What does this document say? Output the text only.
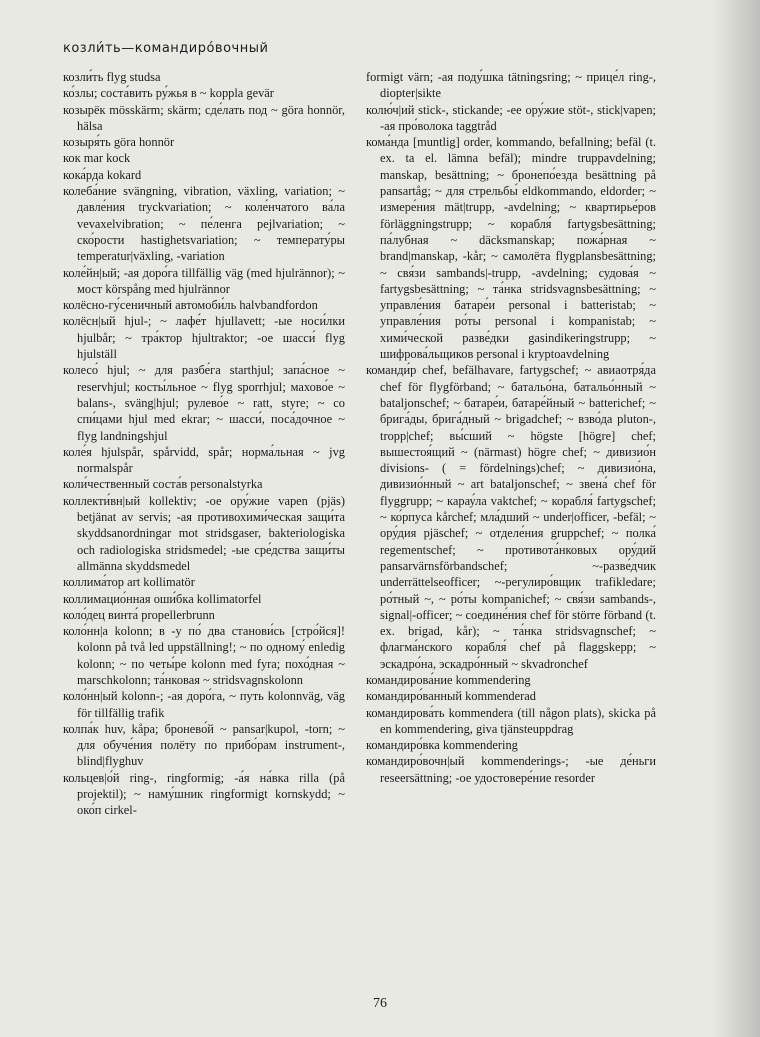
козли́ть—командиро́вочный

козли́ть flyg studsa

ко́злы; соста́вить ру́жья в ~ koppla gevär

козырёк mösskärm; skärm; сде́лать под ~ göra honnör, hälsa

козыря́ть göra honnör

кок mar kock

кока́рда kokard

колеба́ние svängning, vibration, växling, variation; ~ давле́ния tryckvariation; ~ коле́нчатого ва́ла vevaxelvibration; ~ пе́ленга pejlvariation; ~ ско́рости hastighetsvariation; ~ температу́ры temperatur|växling, -variation

коле́йн|ый; -ая доро́га tillfällig väg (med hjulrännor); ~ мост körspång med hjulrännor

колёсно-гу́сеничный автомоби́ль halvbandfordon

колёсн|ый hjul-; ~ лафе́т hjullavett; -ые носи́лки hjulbår; ~ тра́ктор hjultraktor; -ое шасси́ flyg hjulställ

колесо́ hjul; ~ для разбе́га starthjul; запа́сное ~ reservhjul; косты́льное ~ flyg sporrhjul; махово́е ~ balans-, sväng|hjul; рулево́е ~ ratt, styre; ~ со спи́цами hjul med ekrar; ~ шасси́, поса́дочное ~ flyg landningshjul

коле́я hjulspår, spårvidd, spår; норма́льная ~ jvg normalspår

коли́чественный соста́в personalstyrka

коллекти́вн|ый kollektiv; -ое ору́жие vapen (pjäs) betjänat av servis; -ая противохими́ческая защи́та skyddsanordningar mot stridsgaser, bakteriologiska och radiologiska stridsmedel; -ые сре́дства защи́ты allmänna skyddsmedel

коллима́тор art kollimatör

коллимацио́нная оши́бка kollimatorfel

коло́дец винта́ propellerbrunn

коло́нн|а kolonn; в -у по́ два станови́сь [стро́йся]! kolonn på två led uppställning!; ~ по одному́ enledig kolonn; ~ по четы́ре kolonn med fyra; похо́дная ~ marschkolonn; та́нковая ~ stridsvagnskolonn

коло́нн|ый kolonn-; -ая доро́га, ~ путь kolonnväg, väg för tillfällig trafik

колпа́к huv, kåpa; бронево́й ~ pansar|kupol, -torn; ~ для обуче́ния полёту по прибо́рам instrument-, blind|flyghuv

кольцев|о́й ring-, ringformig; -а́я на́вка rilla (på projektil); ~ наму́шник ringformigt kornskydd; ~ око́п cirkel-

formigt värn; -ая поду́шка tätningsring; ~ прице́л ring-, diopter|sikte

колю́ч|ий stick-, stickande; -ее ору́жие stöt-, stick|vapen; -ая про́волока taggtråd

кома́нда [muntlig] order, kommando, befallning; befäl (t. ex. ta el. lämna befäl); mindre truppavdelning; manskap, besättning; ~ бронепо́езда besättning på pansartåg; ~ для стрельбы́ eldkommando, eldorder; ~ измере́ния mät|trupp, -avdelning; ~ квартирье́ров förläggningstrupp; ~ корабля́ fartygsbesättning; па́лубная ~ däcksmanskap; пожа́рная ~ brand|manskap, -kår; ~ самолёта flygplansbesättning; ~ свя́зи sambands|-trupp, -avdelning; судова́я ~ fartygsbesättning; ~ та́нка stridsvagnsbesättning; ~ управле́ния батаре́и personal i batteristab; ~ управле́ния ро́ты personal i kompanistab; ~ хими́ческой разве́дки gasindikeringstrupp; ~ шифрова́льщиков personal i kryptoavdelning

команди́р chef, befälhavare, fartygschef; ~ авиаотря́да chef för flygförband; ~ батальо́на, батальо́нный ~ bataljonschef; ~ батаре́и, батаре́йный ~ batterichef; ~ брига́ды, брига́дный ~ brigadchef; ~ взво́да pluton-, tropp|chef; вы́сший ~ högste [högre] chef; вышестоя́щий ~ (närmast) högre chef; ~ дивизио́н divisions- ( = fördelnings)chef; ~ дивизио́на, дивизио́нный ~ art bataljonschef; ~ звена́ chef för flyggrupp; ~ карау́ла vaktchef; ~ корабля́ fartygschef; ~ ко́рпуса kårchef; мла́дший ~ under|officer, -befäl; ~ ору́дия pjäschef; ~ отделе́ния gruppchef; ~ полка́ regementschef; ~ противота́нковых ору́дий pansarvärnsförbandschef; ~-разве́дчик underrättelseofficer; ~-регулиро́вщик trafikledare; ро́тный ~, ~ ро́ты kompanichef; ~ свя́зи sambands-, signal|-officer; ~ соедине́ния chef för större förband (t. ex. brigad, kår); ~ та́нка stridsvagnschef; ~ флагма́нского корабля́ chef på flaggskepp; ~ эскадро́на, эскадро́нный ~ skvadronchef

командирова́ние kommendering

командиро́ванный kommenderad

командирова́ть kommendera (till någon plats), skicka på en kommendering, giva tjänsteuppdrag

командиро́вка kommendering

командиро́вочн|ый kommenderings-; -ые де́ньги reseersättning; -ое удостовере́ние resorder

76
